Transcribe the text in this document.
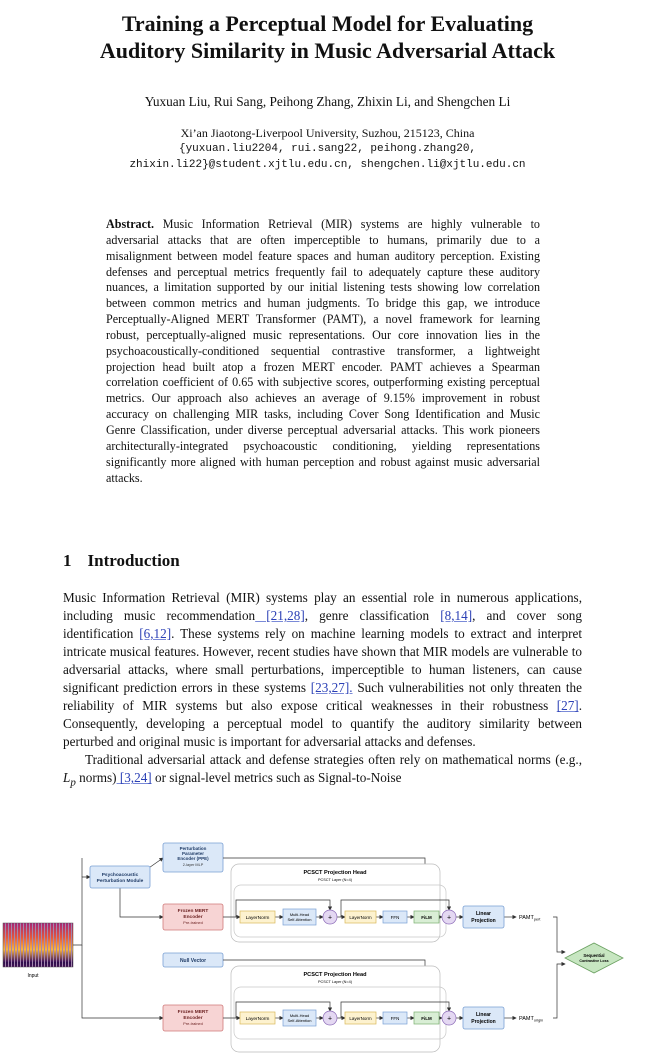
Training a Perceptual Model for Evaluating
Auditory Similarity in Music Adversarial Attack
Yuxuan Liu, Rui Sang, Peihong Zhang, Zhixin Li, and Shengchen Li
Xi’an Jiaotong-Liverpool University, Suzhou, 215123, China
{yuxuan.liu2204, rui.sang22, peihong.zhang20,
zhixin.li22}@student.xjtlu.edu.cn, shengchen.li@xjtlu.edu.cn
Abstract. Music Information Retrieval (MIR) systems are highly vulnerable to adversarial attacks that are often imperceptible to humans, primarily due to a misalignment between model feature spaces and human auditory perception. Existing defenses and perceptual metrics frequently fail to adequately capture these auditory nuances, a limitation supported by our initial listening tests showing low correlation between common metrics and human judgments. To bridge this gap, we introduce Perceptually-Aligned MERT Transformer (PAMT), a novel framework for learning robust, perceptually-aligned music representations. Our core innovation lies in the psychoacoustically-conditioned sequential contrastive transformer, a lightweight projection head built atop a frozen MERT encoder. PAMT achieves a Spearman correlation coefficient of 0.65 with subjective scores, outperforming existing perceptual metrics. Our approach also achieves an average of 9.15% improvement in robust accuracy on challenging MIR tasks, including Cover Song Identification and Music Genre Classification, under diverse perceptual adversarial attacks. This work pioneers architecturally-integrated psychoacoustic conditioning, yielding representations significantly more aligned with human perception and robust against music adversarial attacks.
1 Introduction

Music Information Retrieval (MIR) systems play an essential role in numerous applications, including music recommendation [21,28], genre classification [8,14], and cover song identification [6,12]. These systems rely on machine learning models to extract and interpret intricate musical features. However, recent studies have shown that MIR models are vulnerable to adversarial attacks, where small perturbations, imperceptible to human listeners, can cause significant prediction errors in these systems [23,27]. Such vulnerabilities not only threaten the reliability of MIR systems but also expose critical weaknesses in their robustness [27]. Consequently, developing a perceptual model to quantify the auditory similarity between perturbed and original music is important for adversarial attacks and defenses.

Traditional adversarial attack and defense strategies often rely on mathematical norms (e.g., $L_p$ norms) [3,24] or signal-level metrics such as Signal-to-Noise

Input
Psychoacoustic
Perturbation Module
Perturbation
Parameter
Encoder (PPE)
2-layer MLP
PCSCT Projection Head
PCSCT Layer (N=4)
Frozen MERT
Encoder
Pre-trained
LayerNorm
Multi-Head
Self-Attention +	LayerNorm	FFN	FiLM +
Linear
Projection	$PAMT_{pert}$
Null Vector
PCSCT Projection Head
PCSCT Layer (N=4)
Frozen MERT
Encoder
Pre-trained
LayerNorm
Multi-Head
Self-Attention +	LayerNorm	FFN	FiLM +
Linear
Projection	$PAMT_{origin}$
Sequential
Contrastive Loss
